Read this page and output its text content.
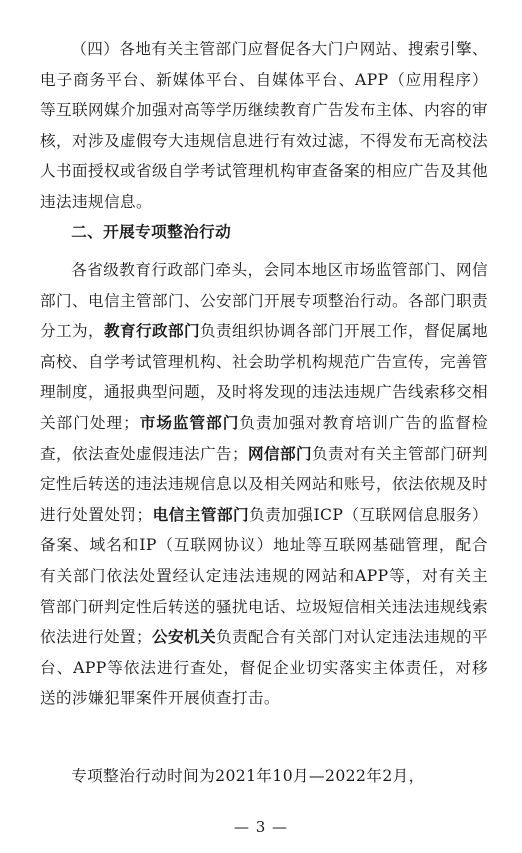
（四）各地有关主管部门应督促各大门户网站、搜索引擎、电子商务平台、新媒体平台、自媒体平台、APP（应用程序）等互联网媒介加强对高等学历继续教育广告发布主体、内容的审核，对涉及虚假夸大违规信息进行有效过滤，不得发布无高校法人书面授权或省级自学考试管理机构审查备案的相应广告及其他违法违规信息。

二、开展专项整治行动

各省级教育行政部门牵头，会同本地区市场监管部门、网信部门、电信主管部门、公安部门开展专项整治行动。各部门职责分工为，教育行政部门负责组织协调各部门开展工作，督促属地高校、自学考试管理机构、社会助学机构规范广告宣传，完善管理制度，通报典型问题，及时将发现的违法违规广告线索移交相关部门处理；市场监管部门负责加强对教育培训广告的监督检查，依法查处虚假违法广告；网信部门负责对有关主管部门研判定性后转送的违法违规信息以及相关网站和账号，依法依规及时进行处置处罚；电信主管部门负责加强ICP（互联网信息服务）备案、域名和IP（互联网协议）地址等互联网基础管理，配合有关部门依法处置经认定违法违规的网站和APP等，对有关主管部门研判定性后转送的骚扰电话、垃圾短信相关违法违规线索依法进行处置；公安机关负责配合有关部门对认定违法违规的平台、APP等依法进行查处，督促企业切实落实主体责任，对移送的涉嫌犯罪案件开展侦查打击。

专项整治行动时间为2021年10月—2022年2月，

— 3 —
